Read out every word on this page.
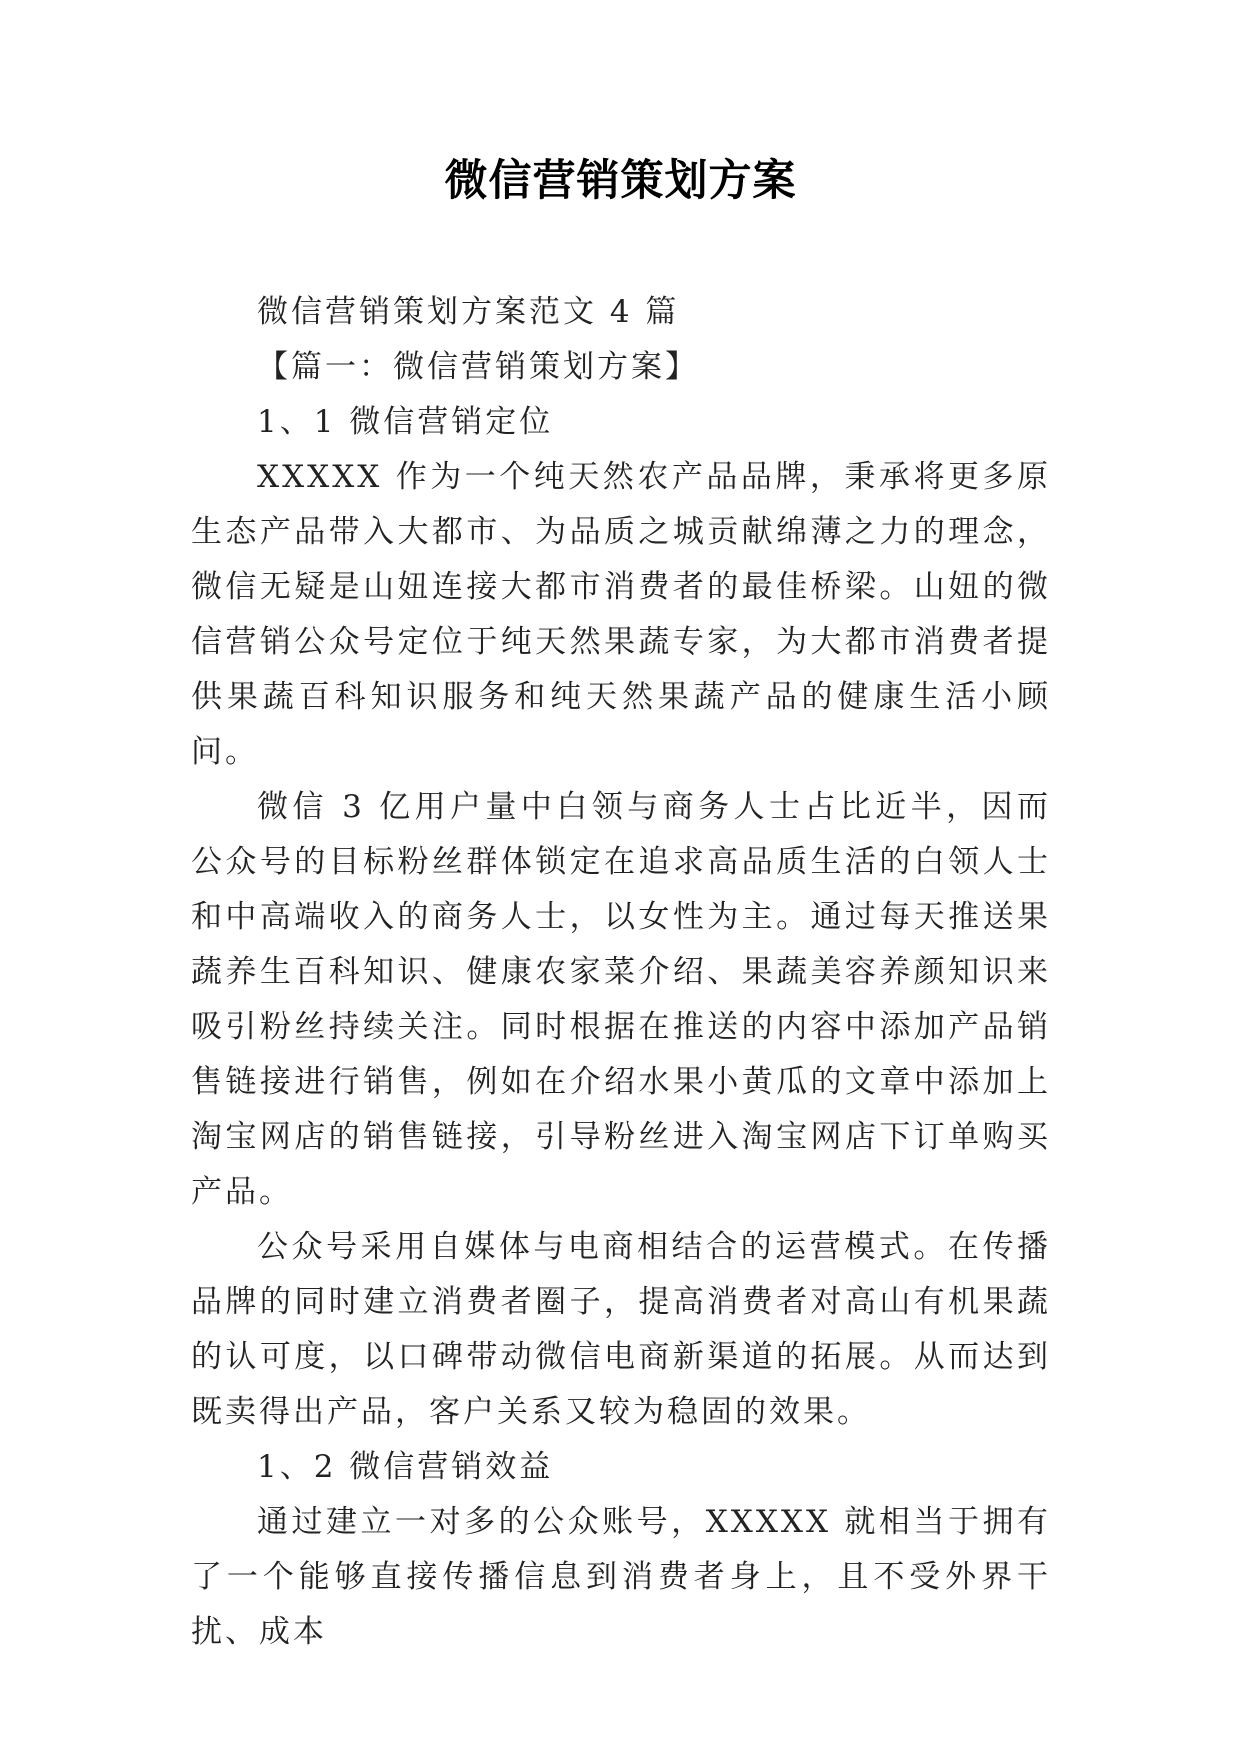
微信营销策划方案

微信营销策划方案范文 4 篇

【篇一：微信营销策划方案】

1、1 微信营销定位

XXXXX 作为一个纯天然农产品品牌，秉承将更多原生态产品带入大都市、为品质之城贡献绵薄之力的理念，微信无疑是山妞连接大都市消费者的最佳桥梁。山妞的微信营销公众号定位于纯天然果蔬专家，为大都市消费者提供果蔬百科知识服务和纯天然果蔬产品的健康生活小顾问。

微信 3 亿用户量中白领与商务人士占比近半，因而公众号的目标粉丝群体锁定在追求高品质生活的白领人士和中高端收入的商务人士，以女性为主。通过每天推送果蔬养生百科知识、健康农家菜介绍、果蔬美容养颜知识来吸引粉丝持续关注。同时根据在推送的内容中添加产品销售链接进行销售，例如在介绍水果小黄瓜的文章中添加上淘宝网店的销售链接，引导粉丝进入淘宝网店下订单购买产品。

公众号采用自媒体与电商相结合的运营模式。在传播品牌的同时建立消费者圈子，提高消费者对高山有机果蔬的认可度，以口碑带动微信电商新渠道的拓展。从而达到既卖得出产品，客户关系又较为稳固的效果。

1、2 微信营销效益

通过建立一对多的公众账号，XXXXX 就相当于拥有了一个能够直接传播信息到消费者身上，且不受外界干扰、成本
